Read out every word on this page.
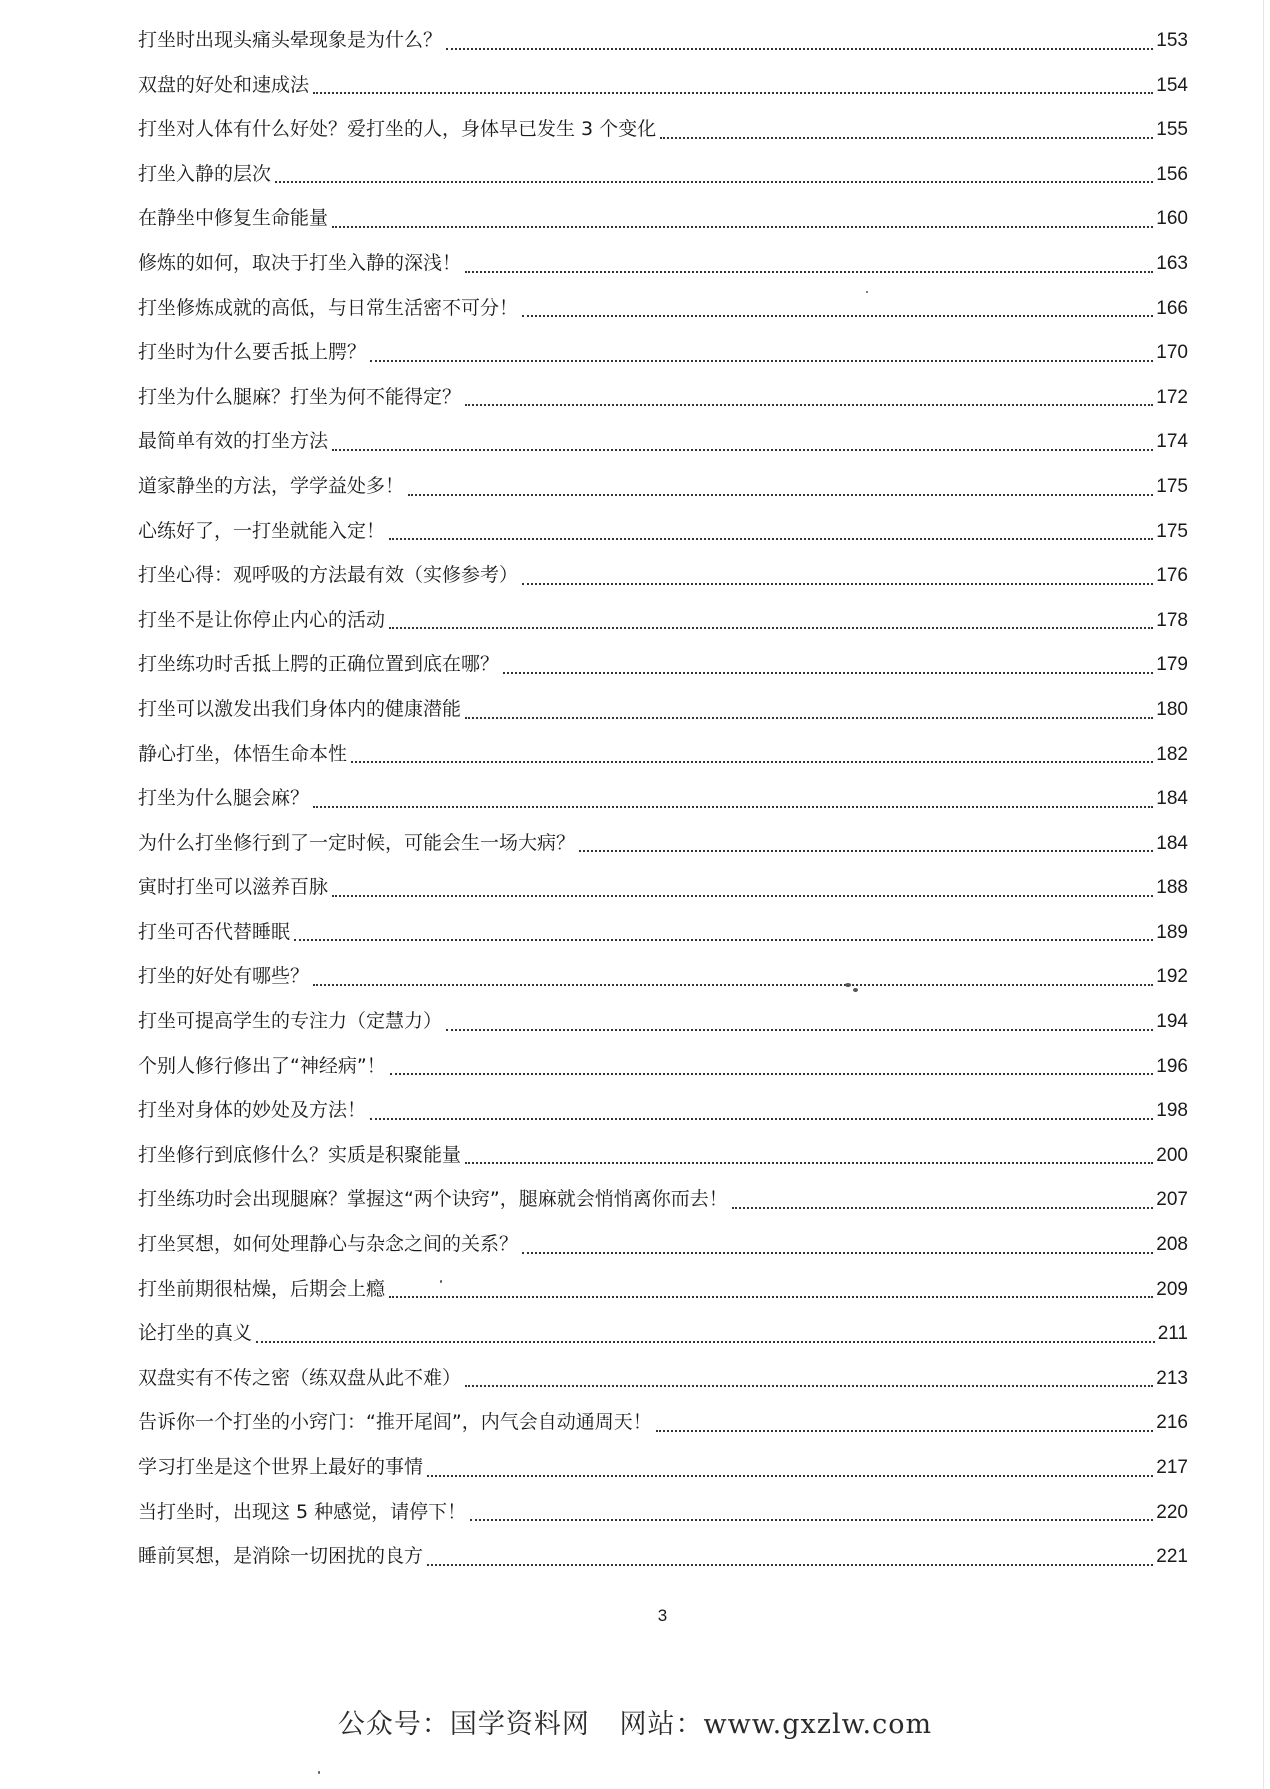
打坐时出现头痛头晕现象是为什么？	153
双盘的好处和速成法	154
打坐对人体有什么好处？爱打坐的人，身体早已发生 3 个变化	155
打坐入静的层次	156
在静坐中修复生命能量	160
修炼的如何，取决于打坐入静的深浅！	163
打坐修炼成就的高低，与日常生活密不可分！	166
打坐时为什么要舌抵上腭？	170
打坐为什么腿麻？打坐为何不能得定？	172
最简单有效的打坐方法	174
道家静坐的方法，学学益处多！	175
心练好了，一打坐就能入定！	175
打坐心得：观呼吸的方法最有效（实修参考）	176
打坐不是让你停止内心的活动	178
打坐练功时舌抵上腭的正确位置到底在哪？	179
打坐可以激发出我们身体内的健康潜能	180
静心打坐，体悟生命本性	182
打坐为什么腿会麻？	184
为什么打坐修行到了一定时候，可能会生一场大病？	184
寅时打坐可以滋养百脉	188
打坐可否代替睡眠	189
打坐的好处有哪些？	192
打坐可提高学生的专注力（定慧力）	194
个别人修行修出了“神经病”！	196
打坐对身体的妙处及方法！	198
打坐修行到底修什么？实质是积聚能量	200
打坐练功时会出现腿麻？掌握这“两个诀窍”，腿麻就会悄悄离你而去！	207
打坐冥想，如何处理静心与杂念之间的关系？	208
打坐前期很枯燥，后期会上瘾	209
论打坐的真义	211
双盘实有不传之密（练双盘从此不难）	213
告诉你一个打坐的小窍门：“推开尾闾”，内气会自动通周天！	216
学习打坐是这个世界上最好的事情	217
当打坐时，出现这 5 种感觉，请停下！	220
睡前冥想，是消除一切困扰的良方	221
3
公众号：国学资料网 网站：www.gxzlw.com
